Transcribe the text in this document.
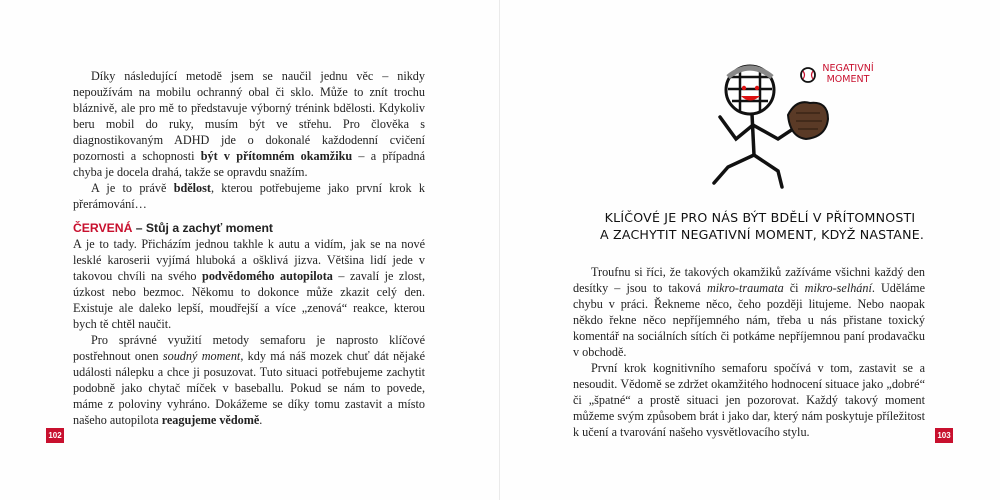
Díky následující metodě jsem se naučil jednu věc – nikdy nepoužívám na mobilu ochranný obal či sklo. Může to znít trochu bláznivě, ale pro mě to představuje výborný trénink bdělosti. Kdykoliv beru mobil do ruky, musím být ve střehu. Pro člověka s diagnostikovaným ADHD jde o dokonalé každodenní cvičení pozornosti a schopnosti být v přítomném okamžiku – a případná chyba je docela drahá, takže se opravdu snažím.

A je to právě bdělost, kterou potřebujeme jako první krok k přerámování…

ČERVENÁ – Stůj a zachyť moment

A je to tady. Přicházím jednou takhle k autu a vidím, jak se na nové lesklé karoserii vyjímá hluboká a ošklivá jizva. Většina lidí jede v takovou chvíli na svého podvědomého autopilota – zavalí je zlost, úzkost nebo bezmoc. Někomu to dokonce může zkazit celý den. Existuje ale daleko lepší, moudřejší a více „zenová“ reakce, kterou bych tě chtěl naučit.

Pro správné využití metody semaforu je naprosto klíčové postřehnout onen soudný moment, kdy má náš mozek chuť dát nějaké události nálepku a chce ji posuzovat. Tuto situaci potřebujeme zachytit podobně jako chytač míček v baseballu. Pokud se nám to povede, máme z poloviny vyhráno. Dokážeme se díky tomu zastavit a místo našeho autopilota reagujeme vědomě.

102
NEGATIVNÍ
MOMENT
KLÍČOVÉ JE PRO NÁS BÝT BDĚLÍ V PŘÍTOMNOSTI
A ZACHYTIT NEGATIVNÍ MOMENT, KDYŽ NASTANE.

Troufnu si říci, že takových okamžiků zažíváme všichni každý den desítky – jsou to taková mikro-traumata či mikro-selhání. Uděláme chybu v práci. Řekneme něco, čeho později litujeme. Nebo naopak někdo řekne něco nepříjemného nám, třeba u nás přistane toxický komentář na sociálních sítích či potkáme nepříjemnou paní prodavačku v obchodě.

První krok kognitivního semaforu spočívá v tom, zastavit se a nesoudit. Vědomě se zdržet okamžitého hodnocení situace jako „dobré“ či „špatné“ a prostě situaci jen pozorovat. Každý takový moment můžeme svým způsobem brát i jako dar, který nám poskytuje příležitost k učení a tvarování našeho vysvětlovacího stylu.	103
